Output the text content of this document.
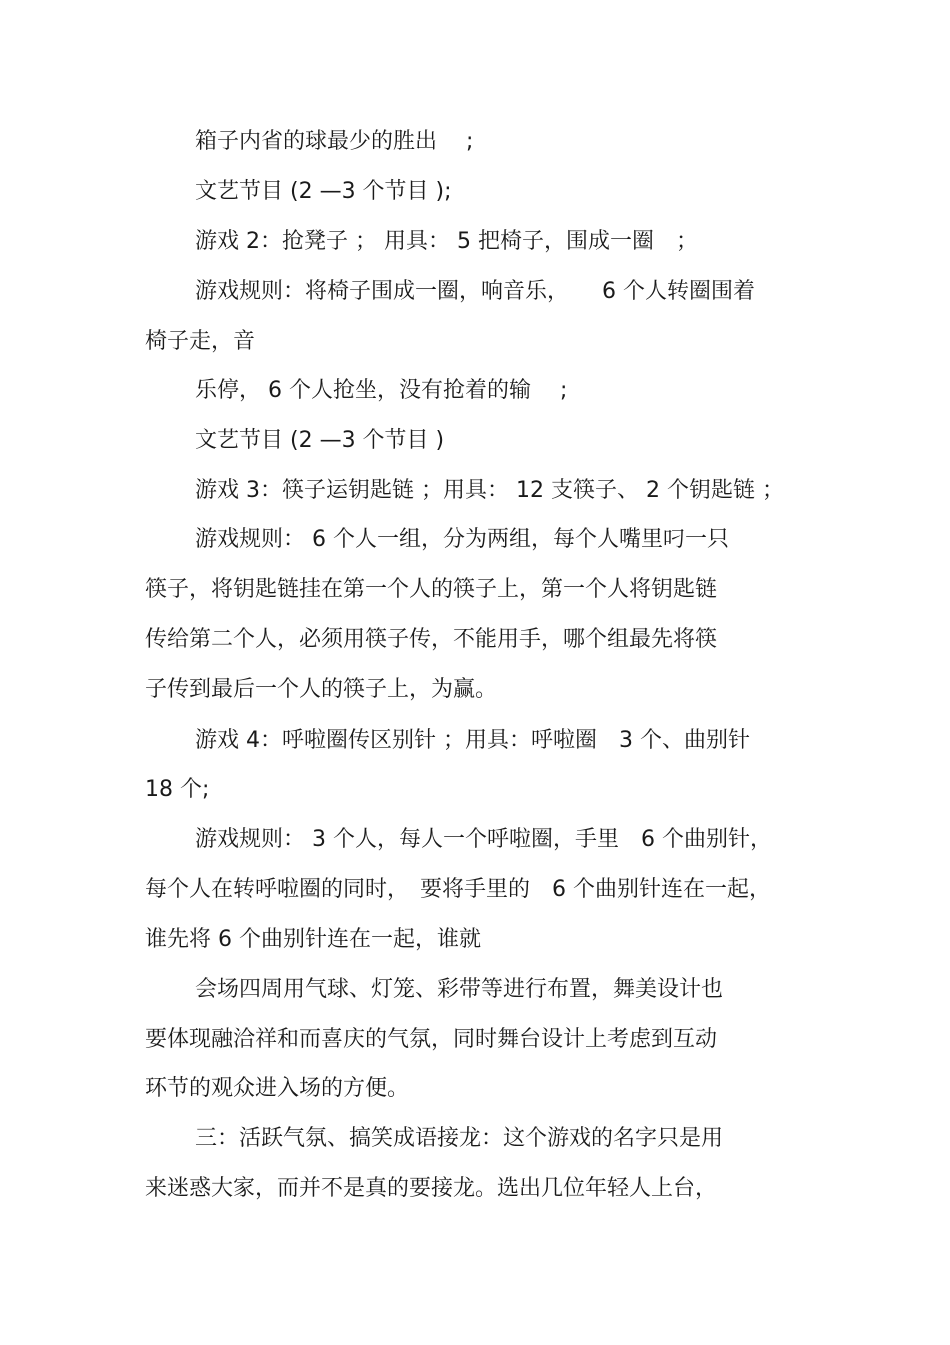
箱子内省的球最少的胜出　 ;
文艺节目 (2 —3 个节目 );
游戏 2：抢凳子 ； 用具： 5 把椅子，围成一圈　；
游戏规则：将椅子围成一圈，响音乐，　　6 个人转圈围着
椅子走，音
乐停， 6 个人抢坐，没有抢着的输　 ;
文艺节目 (2 —3 个节目 )
游戏 3：筷子运钥匙链 ；用具： 12 支筷子、 2 个钥匙链 ；
游戏规则： 6 个人一组，分为两组，每个人嘴里叼一只
筷子，将钥匙链挂在第一个人的筷子上，第一个人将钥匙链
传给第二个人，必须用筷子传，不能用手，哪个组最先将筷
子传到最后一个人的筷子上，为赢。
游戏 4：呼啦圈传区别针 ；用具：呼啦圈　3 个、曲别针
18 个;
游戏规则： 3 个人，每人一个呼啦圈，手里　6 个曲别针，
每个人在转呼啦圈的同时，　要将手里的　6 个曲别针连在一起，
谁先将 6 个曲别针连在一起，谁就
会场四周用气球、灯笼、彩带等进行布置，舞美设计也
要体现融洽祥和而喜庆的气氛，同时舞台设计上考虑到互动
环节的观众进入场的方便。
三：活跃气氛、搞笑成语接龙：这个游戏的名字只是用
来迷惑大家，而并不是真的要接龙。选出几位年轻人上台，
